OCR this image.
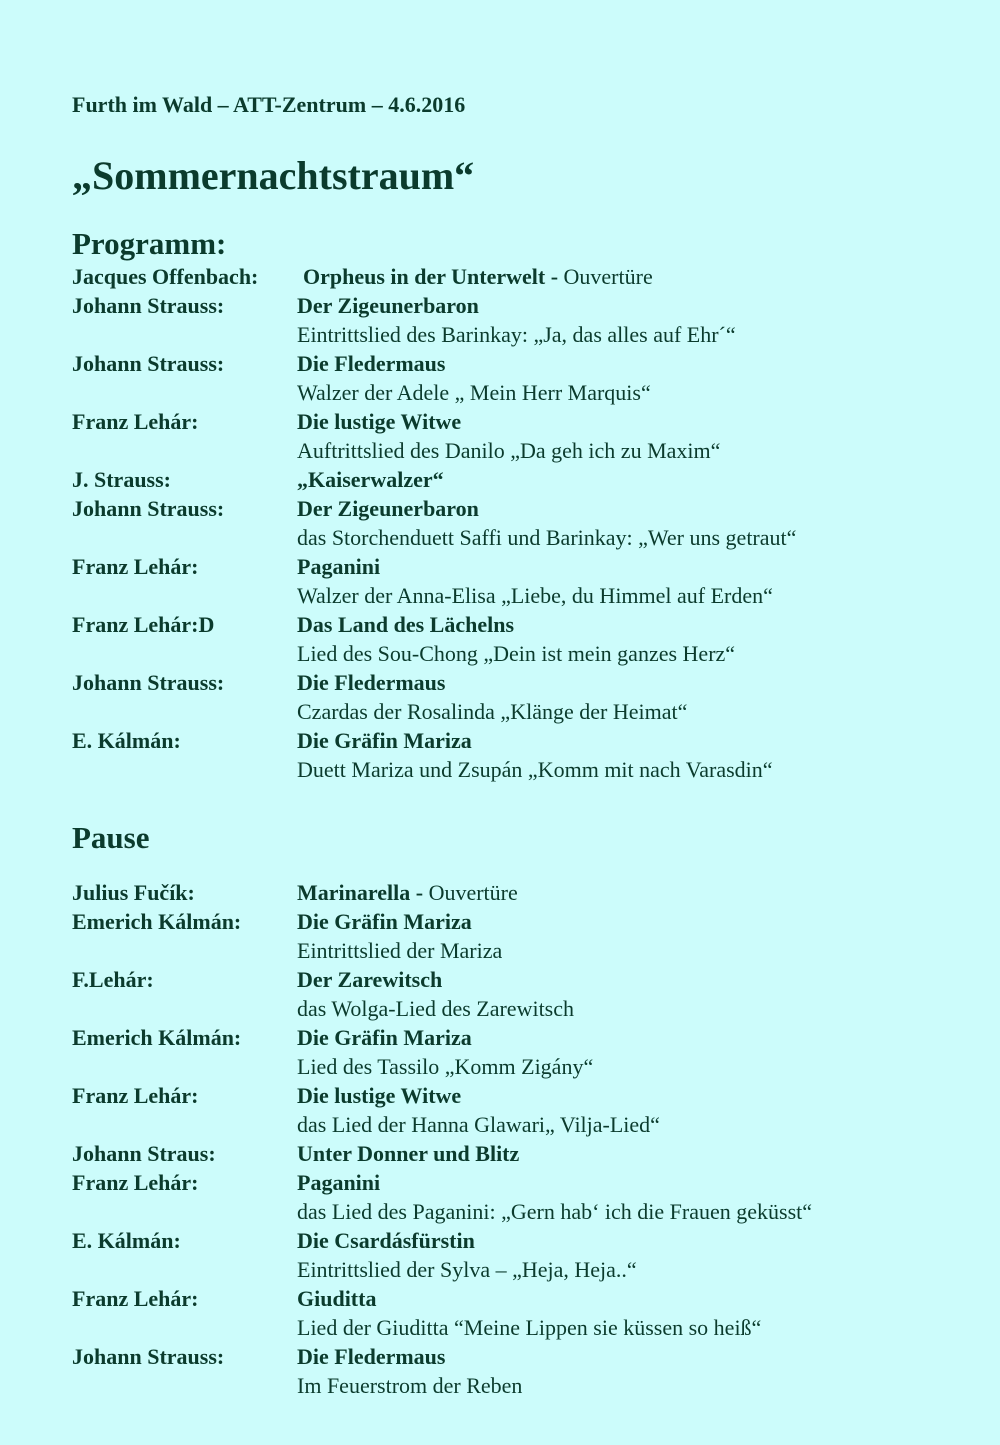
Furth im Wald – ATT-Zentrum – 4.6.2016

„Sommernachtstraum“
Programm:
Jacques Offenbach: Orpheus in der Unterwelt - Ouvertüre
Johann Strauss:	Der Zigeunerbaron
Eintrittslied des Barinkay: „Ja, das alles auf Ehr´“
Johann Strauss:	Die Fledermaus
Walzer der Adele „ Mein Herr Marquis“
Franz Lehár:	Die lustige Witwe
Auftrittslied des Danilo „Da geh ich zu Maxim“
J. Strauss:	„Kaiserwalzer“
Johann Strauss:	Der Zigeunerbaron
das Storchenduett Saffi und Barinkay: „Wer uns getraut“
Franz Lehár:	Paganini
Walzer der Anna-Elisa „Liebe, du Himmel auf Erden“
Franz Lehár:D	Das Land des Lächelns
Lied des Sou-Chong „Dein ist mein ganzes Herz“
Johann Strauss:	Die Fledermaus
Czardas der Rosalinda „Klänge der Heimat“
E. Kálmán:	Die Gräfin Mariza
Duett Mariza und Zsupán „Komm mit nach Varasdin“
Pause
Julius Fučík:	Marinarella - Ouvertüre
Emerich Kálmán:	Die Gräfin Mariza
Eintrittslied der Mariza
F.Lehár:	Der Zarewitsch
das Wolga-Lied des Zarewitsch
Emerich Kálmán:	Die Gräfin Mariza
Lied des Tassilo „Komm Zigány“
Franz Lehár:	Die lustige Witwe
das Lied der Hanna Glawari„ Vilja-Lied“
Johann Straus:	Unter Donner und Blitz
Franz Lehár:	Paganini
das Lied des Paganini: „Gern hab‘ ich die Frauen geküsst“
E. Kálmán:	Die Csardásfürstin
Eintrittslied der Sylva – „Heja, Heja..“
Franz Lehár:	Giuditta
Lied der Giuditta “Meine Lippen sie küssen so heiß“
Johann Strauss:	Die Fledermaus
Im Feuerstrom der Reben
